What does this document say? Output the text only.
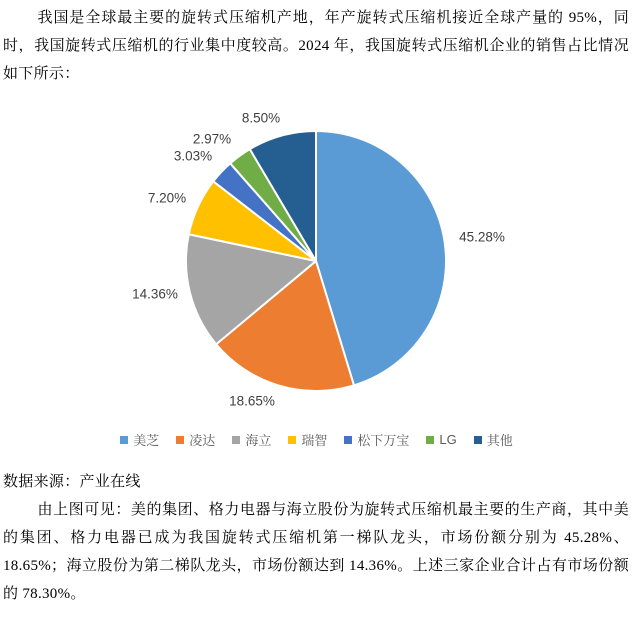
我国是全球最主要的旋转式压缩机产地，年产旋转式压缩机接近全球产量的 95%，同时，我国旋转式压缩机的行业集中度较高。2024 年，我国旋转式压缩机企业的销售占比情况如下所示：

45.28%
18.65%
14.36%
7.20%
3.03%
2.97%
8.50%
美芝 凌达 海立 瑞智 松下万宝 LG 其他

数据来源：产业在线

由上图可见：美的集团、格力电器与海立股份为旋转式压缩机最主要的生产商，其中美的集团、格力电器已成为我国旋转式压缩机第一梯队龙头，市场份额分别为 45.28%、18.65%；海立股份为第二梯队龙头，市场份额达到 14.36%。上述三家企业合计占有市场份额的 78.30%。
